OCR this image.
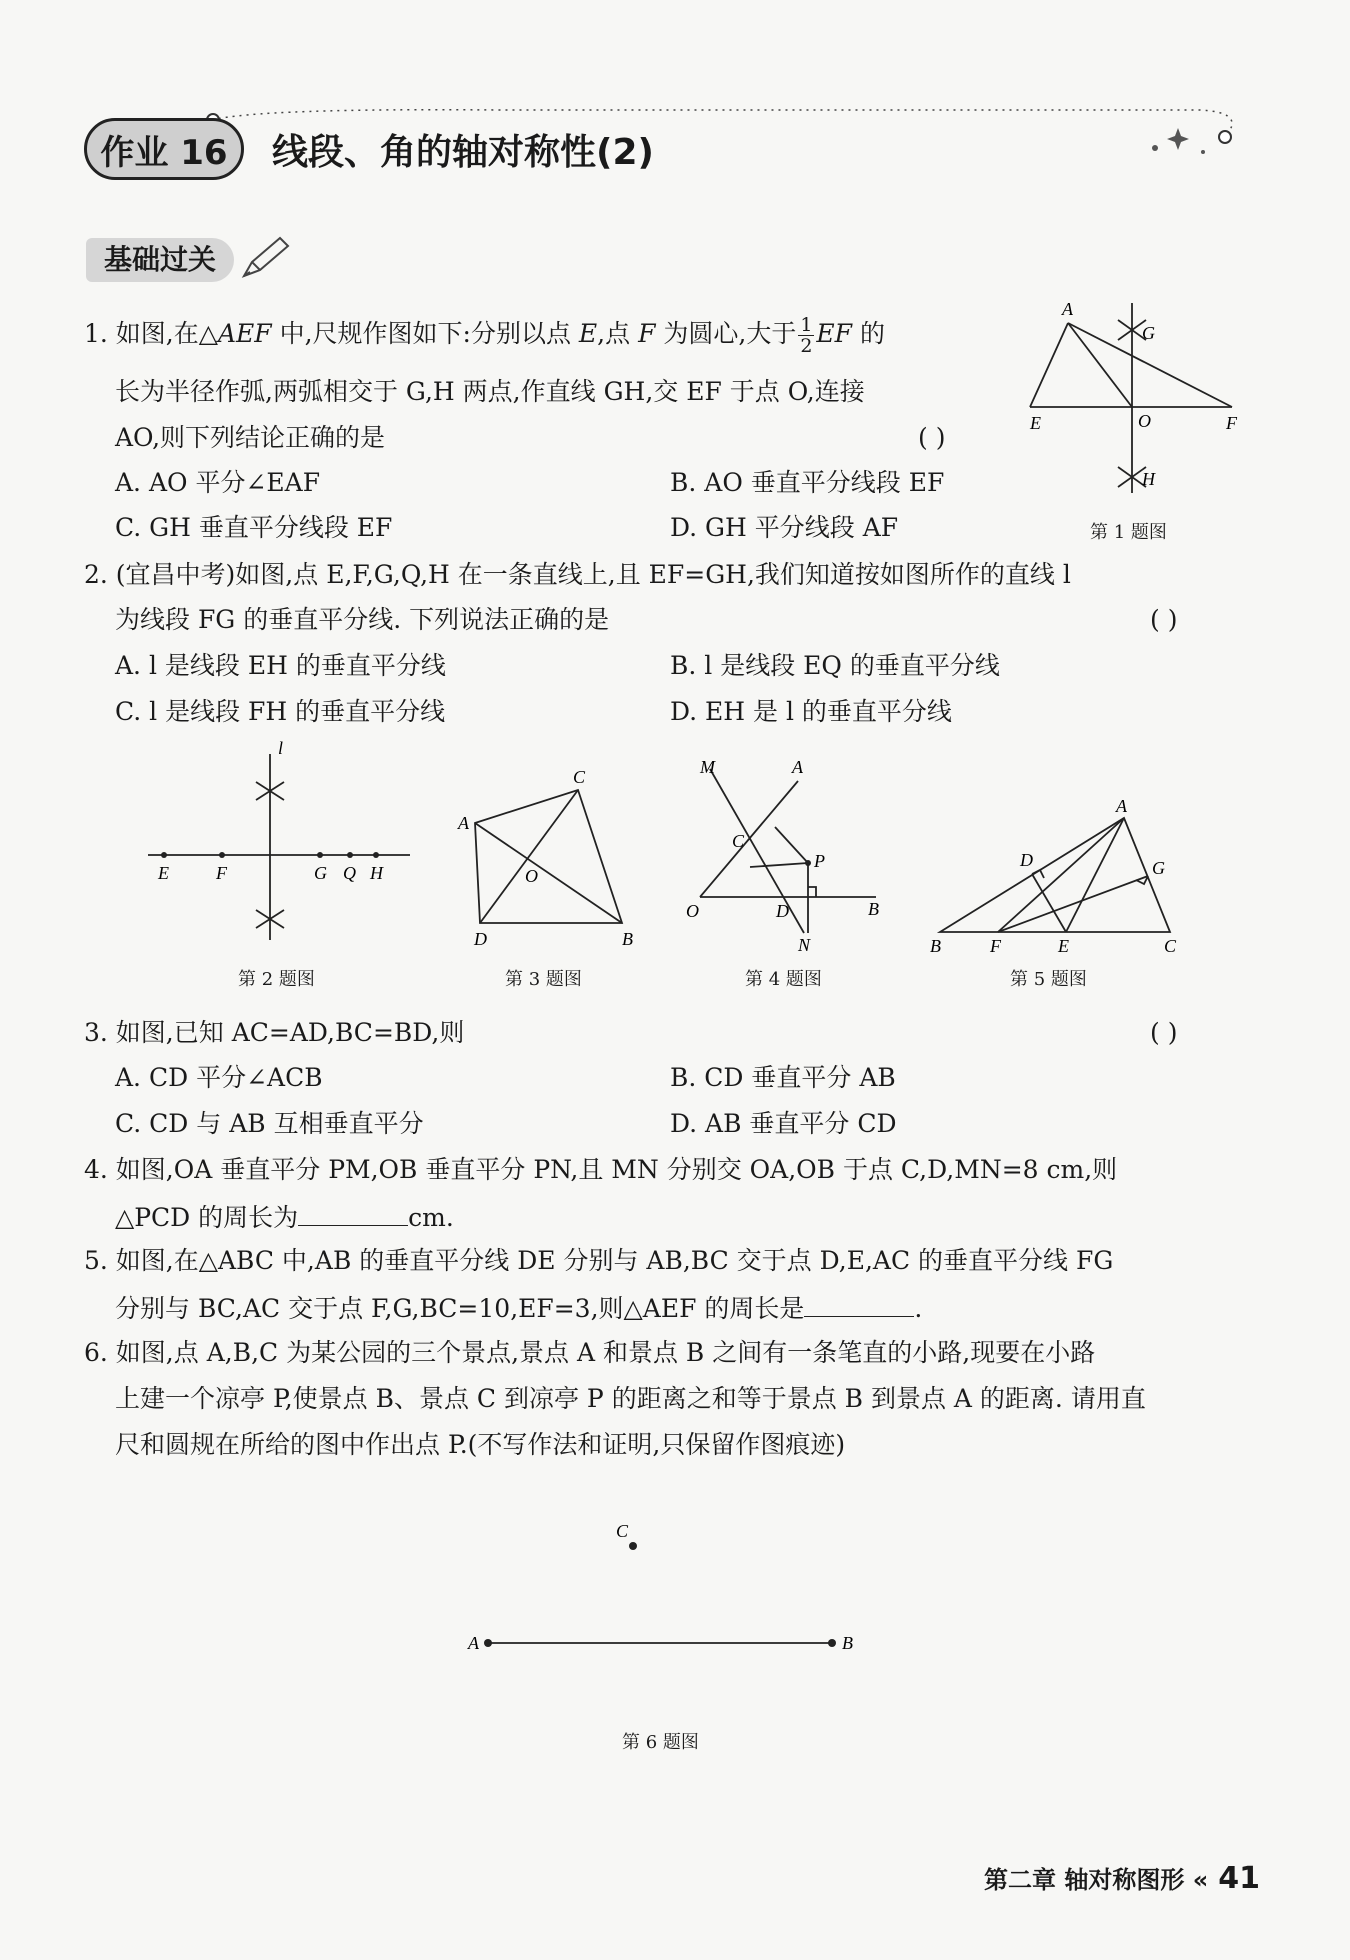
作业 16	线段、角的轴对称性(2)
基础过关
1. 如图,在△AEF 中,尺规作图如下:分别以点 E,点 F 为圆心,大于 $\frac{1}{2}$ EF 的
长为半径作弧,两弧相交于 G,H 两点,作直线 GH,交 EF 于点 O,连接
AO,则下列结论正确的是	( )
A. AO 平分∠EAF	B. AO 垂直平分线段 EF
C. GH 垂直平分线段 EF	D. GH 平分线段 AF
A
G
E	O	F
H
第 1 题图
2. (宜昌中考)如图,点 E,F,G,Q,H 在一条直线上,且 EF=GH,我们知道按如图所作的直线 l
为线段 FG 的垂直平分线. 下列说法正确的是	( )
A. l 是线段 EH 的垂直平分线	B. l 是线段 EQ 的垂直平分线
C. l 是线段 FH 的垂直平分线	D. EH 是 l 的垂直平分线
l
E	F	G Q H
第 2 题图
A
C
O
D	B
第 3 题图
M	A
C
P
O	D	B
N
第 4 题图
A
D	G
B	F	E	C
第 5 题图
3. 如图,已知 AC=AD,BC=BD,则	( )
A. CD 平分∠ACB	B. CD 垂直平分 AB
C. CD 与 AB 互相垂直平分	D. AB 垂直平分 CD
4. 如图,OA 垂直平分 PM,OB 垂直平分 PN,且 MN 分别交 OA,OB 于点 C,D,MN=8 cm,则
△PCD 的周长为	cm.
5. 如图,在△ABC 中,AB 的垂直平分线 DE 分别与 AB,BC 交于点 D,E,AC 的垂直平分线 FG
分别与 BC,AC 交于点 F,G,BC=10,EF=3,则△AEF 的周长是	.
6. 如图,点 A,B,C 为某公园的三个景点,景点 A 和景点 B 之间有一条笔直的小路,现要在小路
上建一个凉亭 P,使景点 B、景点 C 到凉亭 P 的距离之和等于景点 B 到景点 A 的距离. 请用直
尺和圆规在所给的图中作出点 P.(不写作法和证明,只保留作图痕迹)
C
A	B
第 6 题图
第二章 轴对称图形 « 41
